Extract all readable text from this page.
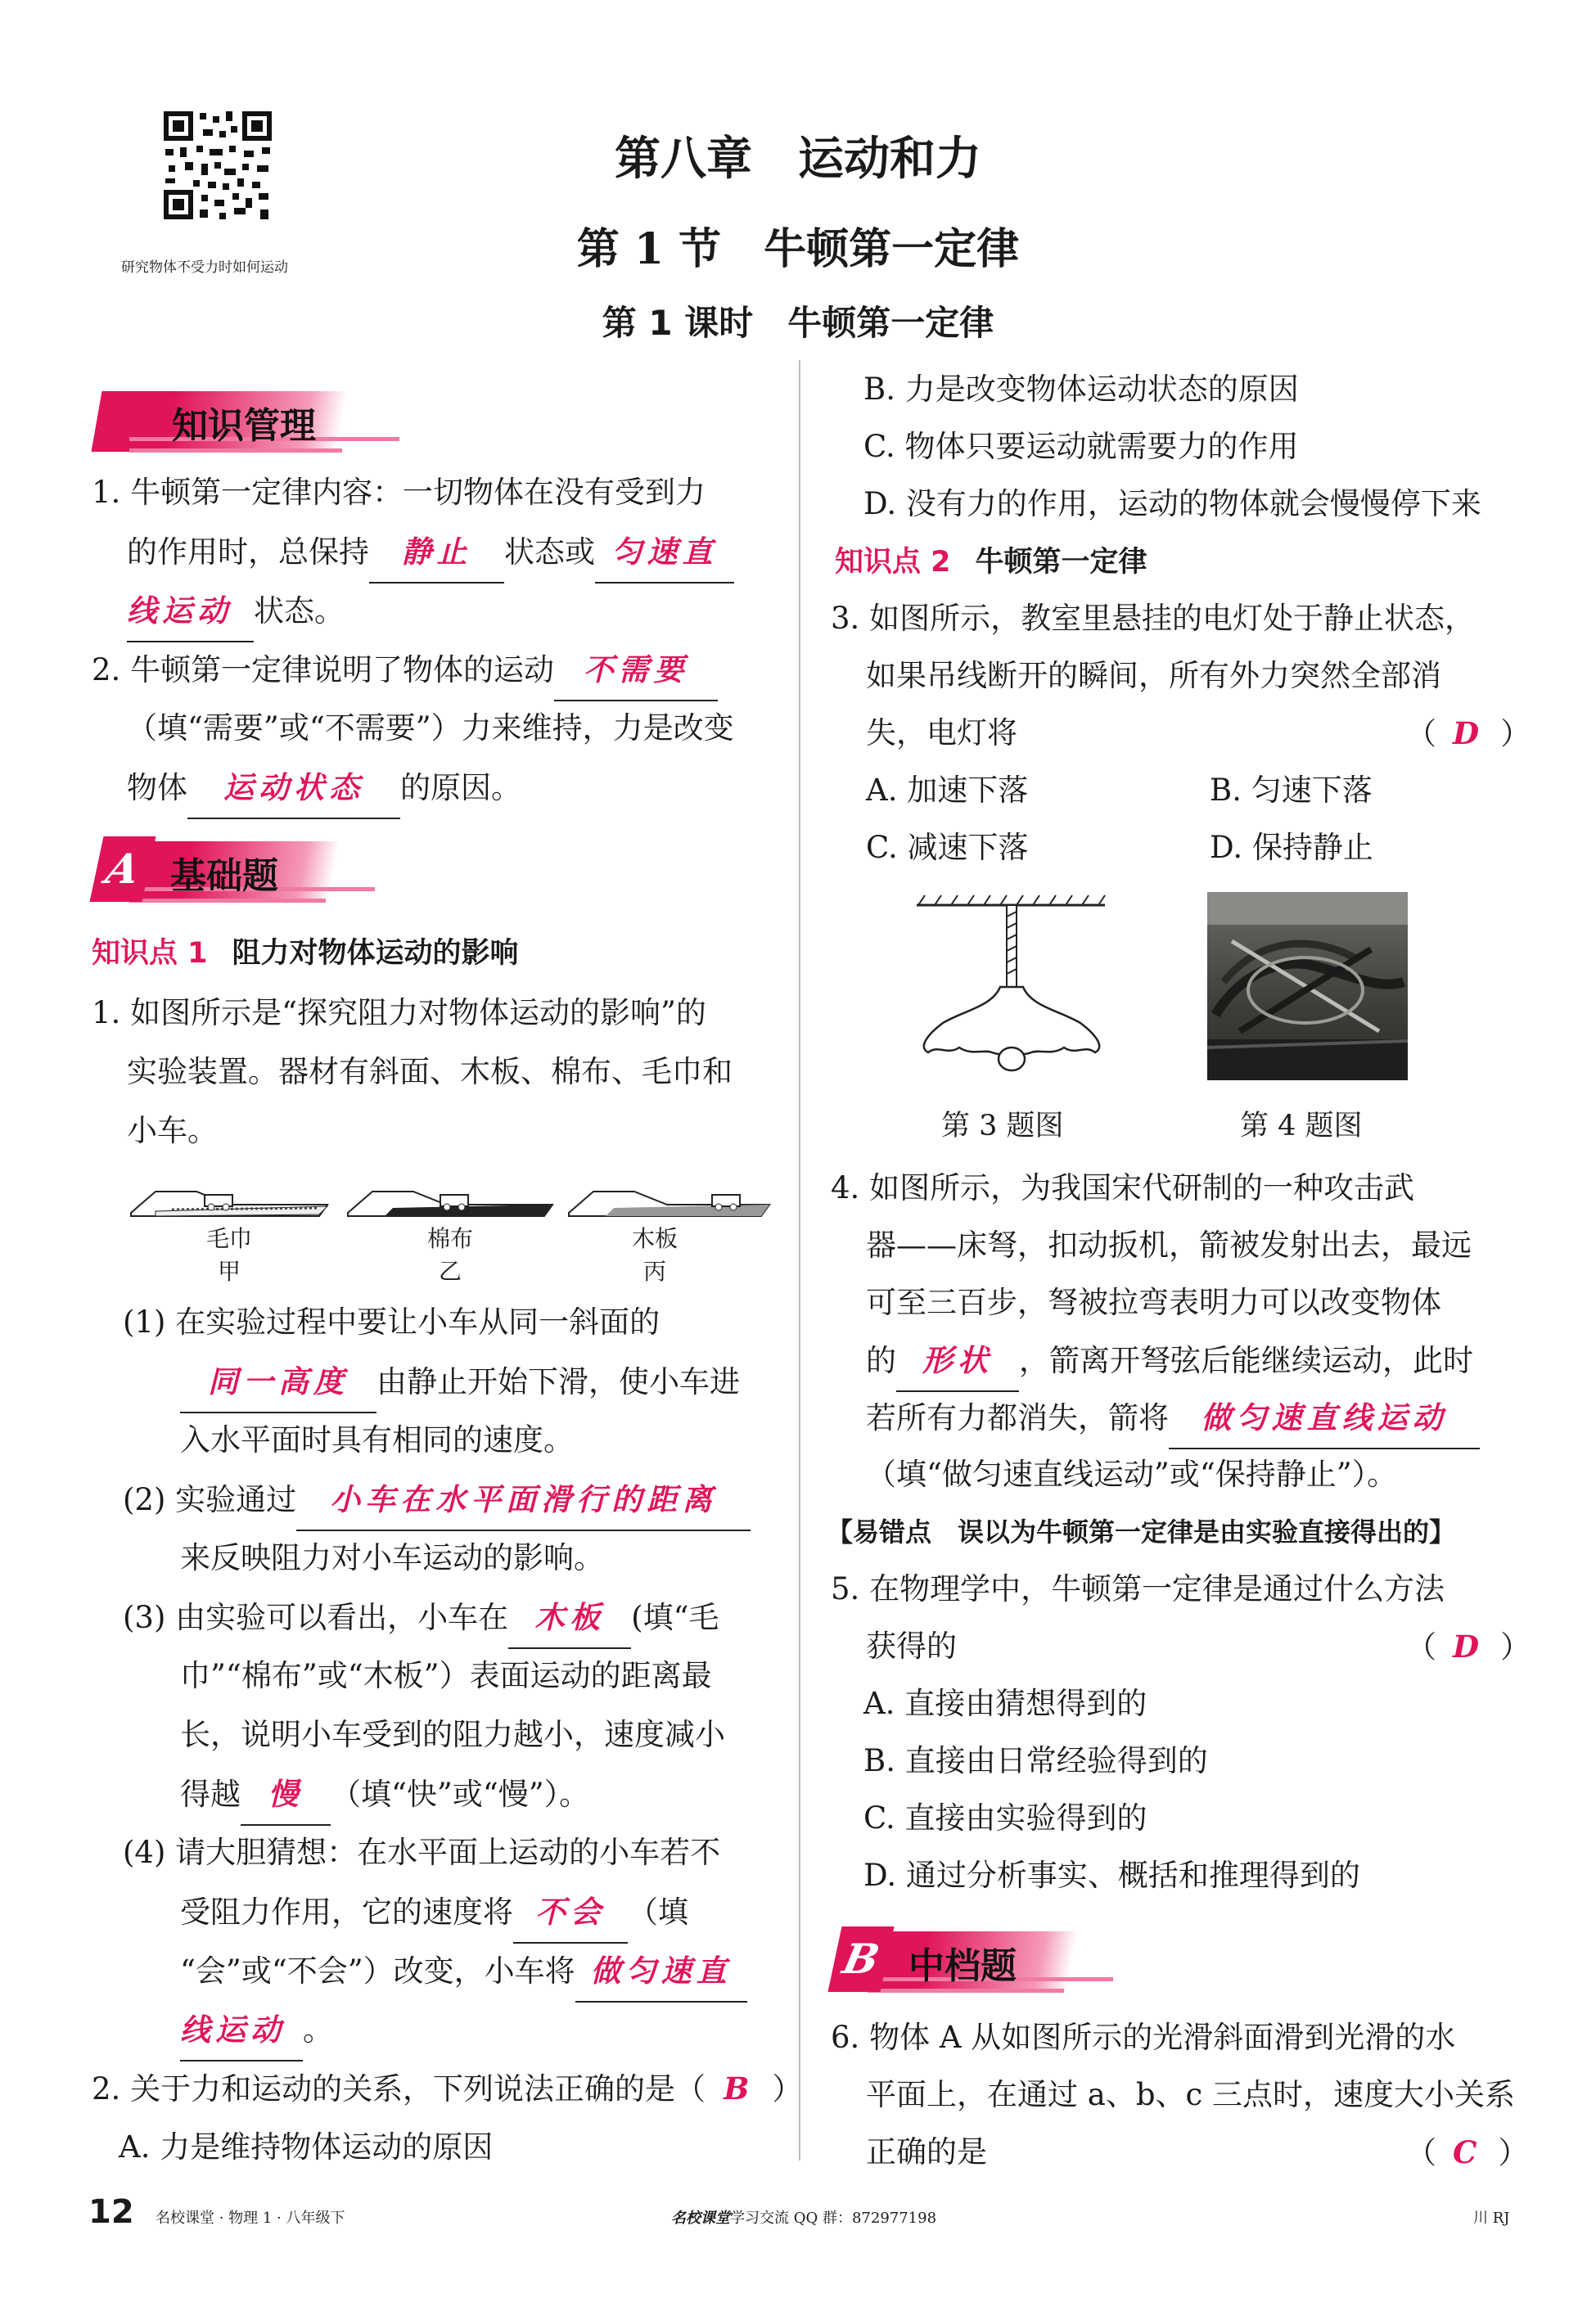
研究物体不受力时如何运动
第八章　运动和力
第 1 节　牛顿第一定律
第 1 课时　牛顿第一定律
知识管理
1. 牛顿第一定律内容：一切物体在没有受到力
的作用时，总保持 静止 状态或 匀速直
线运动 状态。
2. 牛顿第一定律说明了物体的运动 不需要
（填“需要”或“不需要”）力来维持，力是改变
物体 运动状态 的原因。
A 基础题
知识点 1 阻力对物体运动的影响
1. 如图所示是“探究阻力对物体运动的影响”的
实验装置。器材有斜面、木板、棉布、毛巾和
小车。
毛巾	棉布	木板
甲	乙	丙
(1) 在实验过程中要让小车从同一斜面的
同一高度 由静止开始下滑，使小车进
入水平面时具有相同的速度。
(2) 实验通过 小车在水平面滑行的距离
来反映阻力对小车运动的影响。
(3) 由实验可以看出，小车在 木板 (填“毛
巾”“棉布”或“木板”）表面运动的距离最
长，说明小车受到的阻力越小，速度减小
得越 慢 （填“快”或“慢”）。
(4) 请大胆猜想：在水平面上运动的小车若不
受阻力作用，它的速度将 不会 （填
“会”或“不会”）改变，小车将 做匀速直
线运动 。
2. 关于力和运动的关系，下列说法正确的是（ B ）
A. 力是维持物体运动的原因
B. 力是改变物体运动状态的原因
C. 物体只要运动就需要力的作用
D. 没有力的作用，运动的物体就会慢慢停下来
知识点 2 牛顿第一定律
3. 如图所示，教室里悬挂的电灯处于静止状态，
如果吊线断开的瞬间，所有外力突然全部消
失，电灯将	（ D ）
A. 加速下落	B. 匀速下落
C. 减速下落	D. 保持静止
第 3 题图	第 4 题图
4. 如图所示，为我国宋代研制的一种攻击武
器——床弩，扣动扳机，箭被发射出去，最远
可至三百步，弩被拉弯表明力可以改变物体
的 形状 ，箭离开弩弦后能继续运动，此时
若所有力都消失，箭将 做匀速直线运动
（填“做匀速直线运动”或“保持静止”）。
【易错点　误以为牛顿第一定律是由实验直接得出的】
5. 在物理学中，牛顿第一定律是通过什么方法
获得的	（ D ）
A. 直接由猜想得到的
B. 直接由日常经验得到的
C. 直接由实验得到的
D. 通过分析事实、概括和推理得到的
B 中档题
6. 物体 A 从如图所示的光滑斜面滑到光滑的水
平面上，在通过 a、b、c 三点时，速度大小关系
正确的是	（ C ）
12 名校课堂 · 物理 1 · 八年级下	名校课堂学习交流 QQ 群：872977198	川 RJ
